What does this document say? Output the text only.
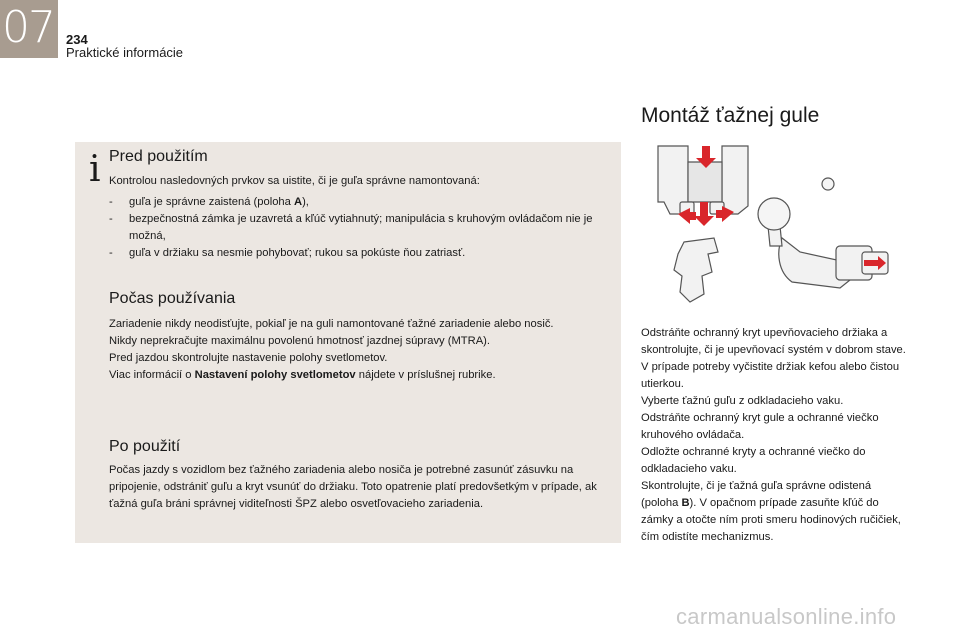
07 234
Praktické informácie
i Pred použitím

Kontrolou nasledovných prvkov sa uistite, či je guľa správne namontovaná:

- guľa je správne zaistená (poloha A),
- bezpečnostná zámka je uzavretá a kľúč vytiahnutý; manipulácia s kruhovým ovládačom nie je možná,
- guľa v držiaku sa nesmie pohybovať; rukou sa pokúste ňou zatriasť.
Počas používania

Zariadenie nikdy neodisťujte, pokiaľ je na guli namontované ťažné zariadenie alebo nosič.
Nikdy neprekračujte maximálnu povolenú hmotnosť jazdnej súpravy (MTRA).
Pred jazdou skontrolujte nastavenie polohy svetlometov.
Viac informácií o Nastavení polohy svetlometov nájdete v príslušnej rubrike.

Po použití

Počas jazdy s vozidlom bez ťažného zariadenia alebo nosiča je potrebné zasunúť zásuvku na pripojenie, odstrániť guľu a kryt vsunúť do držiaku. Toto opatrenie platí predovšetkým v prípade, ak ťažná guľa bráni správnej viditeľnosti ŠPZ alebo osvetľovacieho zariadenia.

Montáž ťažnej gule

Odstráňte ochranný kryt upevňovacieho držiaka a skontrolujte, či je upevňovací systém v dobrom stave. V prípade potreby vyčistite držiak kefou alebo čistou utierkou.
Vyberte ťažnú guľu z odkladacieho vaku.
Odstráňte ochranný kryt gule a ochranné viečko kruhového ovládača.
Odložte ochranné kryty a ochranné viečko do odkladacieho vaku.
Skontrolujte, či je ťažná guľa správne odistená (poloha B). V opačnom prípade zasuňte kľúč do zámky a otočte ním proti smeru hodinových ručičiek, čím odistíte mechanizmus.

carmanualsonline.info
